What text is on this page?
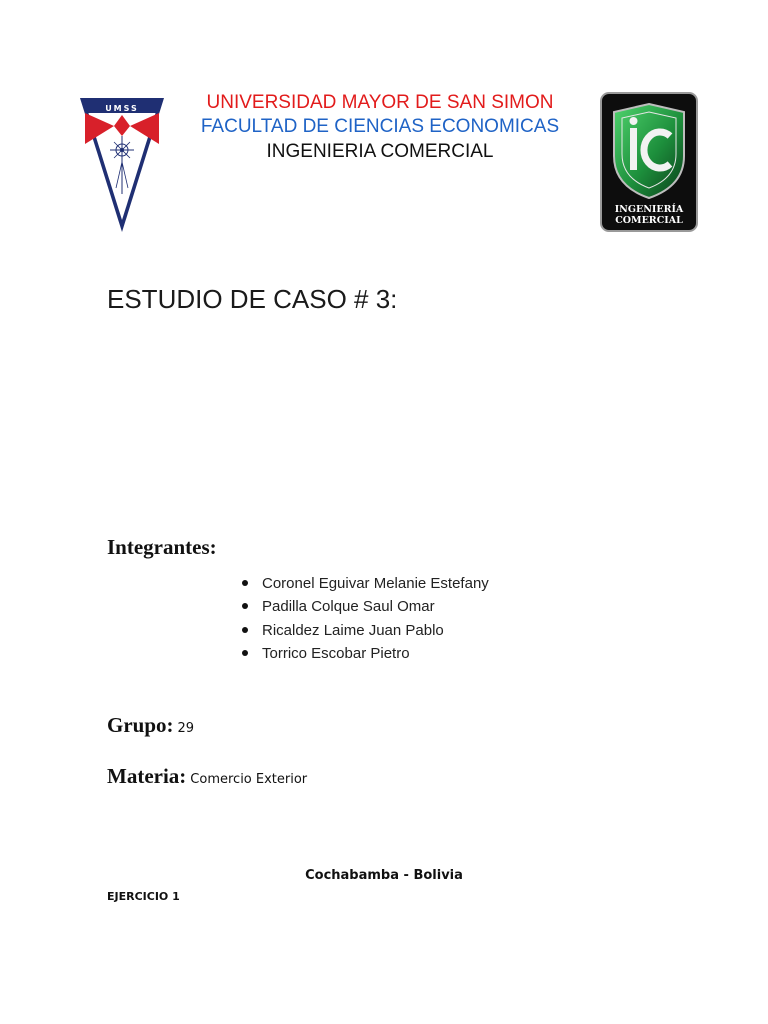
UMSS	UNIVERSIDAD MAYOR DE SAN SIMON
FACULTAD DE CIENCIAS ECONOMICAS
INGENIERIA COMERCIAL
INGENIERÍA
COMERCIAL
ESTUDIO DE CASO # 3:
Integrantes:
Coronel Eguivar Melanie Estefany
Padilla Colque Saul Omar
Ricaldez Laime Juan Pablo
Torrico Escobar Pietro
Grupo: 29
Materia: Comercio Exterior
Cochabamba - Bolivia
EJERCICIO 1
